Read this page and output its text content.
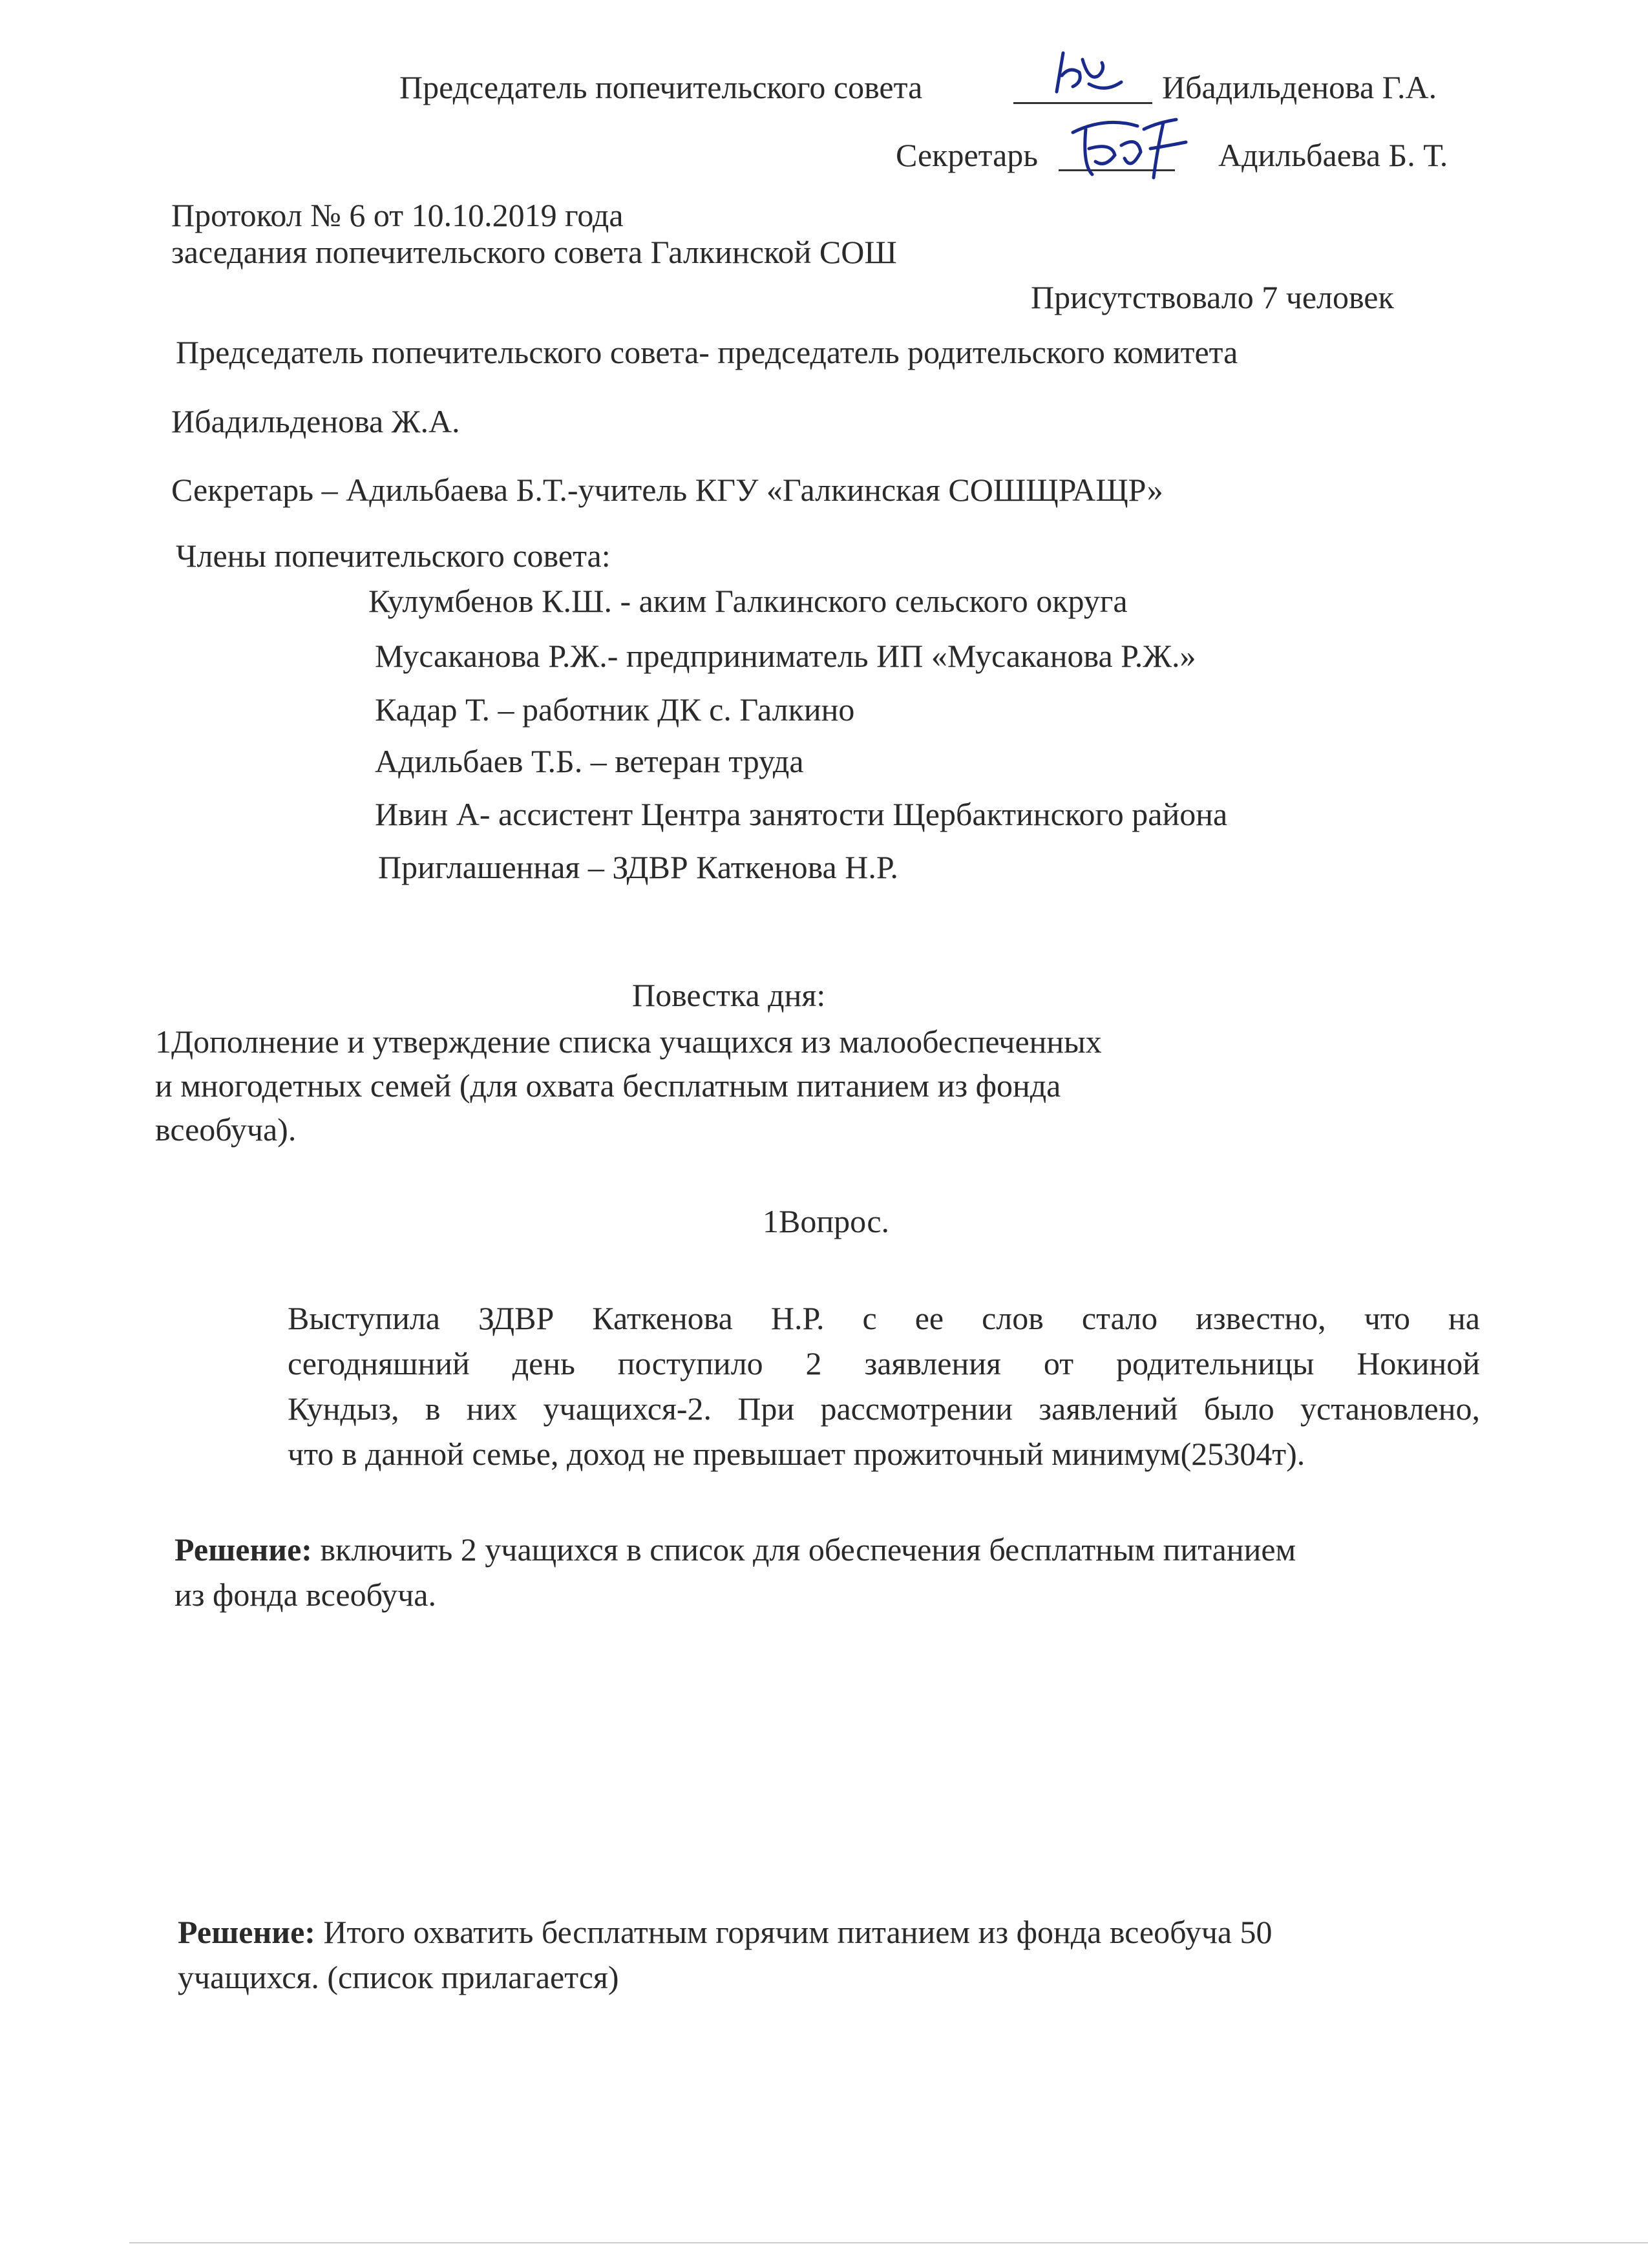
Председатель попечительского совета	Ибадильденова Г.А.
Секретарь	Адильбаева Б. Т.
Протокол № 6 от 10.10.2019 года
заседания попечительского совета Галкинской СОШ
Присутствовало 7 человек
Председатель попечительского совета- председатель родительского комитета
Ибадильденова Ж.А.
Секретарь – Адильбаева Б.Т.-учитель КГУ «Галкинская СОШЩРАЩР»
Члены попечительского совета:
Кулумбенов К.Ш. - аким Галкинского сельского округа
Мусаканова Р.Ж.- предприниматель ИП «Мусаканова Р.Ж.»
Кадар Т. – работник ДК с. Галкино
Адильбаев Т.Б. – ветеран труда
Ивин А- ассистент Центра занятости Щербактинского района
Приглашенная – ЗДВР Каткенова Н.Р.
Повестка дня:
1Дополнение и утверждение списка учащихся из малообеспеченных
и многодетных семей (для охвата бесплатным питанием из фонда
всеобуча).
1Вопрос.
Выступила ЗДВР Каткенова Н.Р. с ее слов стало известно, что на
сегодняшний день поступило 2 заявления от родительницы Нокиной
Кундыз, в них учащихся-2. При рассмотрении заявлений было установлено,
что в данной семье, доход не превышает прожиточный минимум(25304т).
Решение: включить 2 учащихся в список для обеспечения бесплатным питанием
из фонда всеобуча.
Решение: Итого охватить бесплатным горячим питанием из фонда всеобуча 50
учащихся. (список прилагается)
